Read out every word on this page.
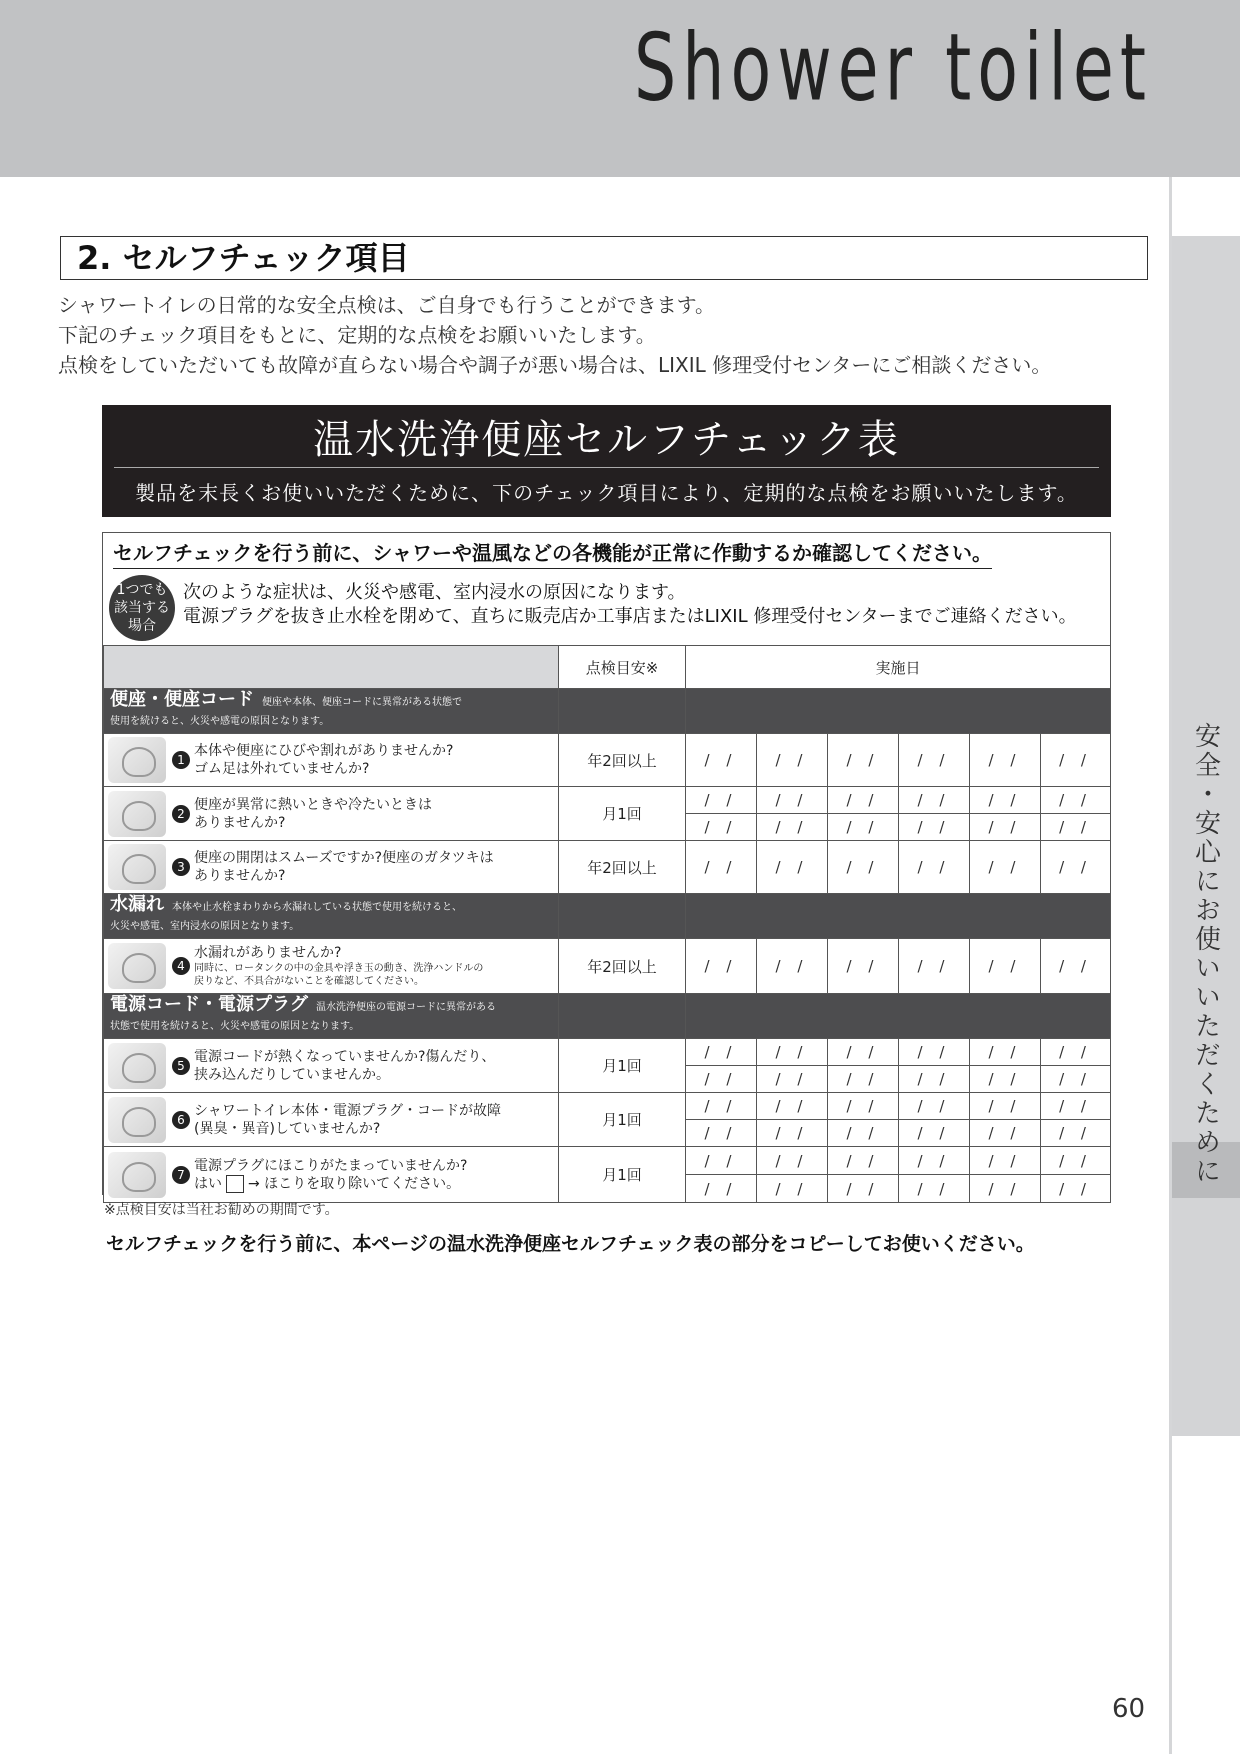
Shower toilet
安全・安心にお使いいただくために
2. セルフチェック項目

シャワートイレの日常的な安全点検は、ご自身でも行うことができます。

下記のチェック項目をもとに、定期的な点検をお願いいたします。

点検をしていただいても故障が直らない場合や調子が悪い場合は、LIXIL 修理受付センターにご相談ください。

温水洗浄便座セルフチェック表
製品を末長くお使いいただくために、下のチェック項目により、定期的な点検をお願いいたします。
セルフチェックを行う前に、シャワーや温風などの各機能が正常に作動するか確認してください。
1つでも
該当する
場合

次のような症状は、火災や感電、室内浸水の原因になります。

電源プラグを抜き止水栓を閉めて、直ちに販売店か工事店またはLIXIL 修理受付センターまでご連絡ください。

	点検目安※	実施日					

便座・便座コード 便座や本体、便座コードに異常がある状態で
使用を続けると、火災や感電の原因となります。							

1
本体や便座にひびや割れがありませんか?
ゴム足は外れていませんか?	年2回以上	/ /	/ /	/ /	/ /	/ /	/ /

2
便座が異常に熱いときや冷たいときは
ありませんか?	月1回	/ /	/ /	/ /	/ /	/ /	/ /
		/ /	/ /	/ /	/ /	/ /	/ /

3
便座の開閉はスムーズですか?便座のガタツキは
ありませんか?	年2回以上	/ /	/ /	/ /	/ /	/ /	/ /

水漏れ 本体や止水栓まわりから水漏れしている状態で使用を続けると、
火災や感電、室内浸水の原因となります。							

4
水漏れがありませんか?
同時に、ロータンクの中の金具や浮き玉の動き、洗浄ハンドルの
戻りなど、不具合がないことを確認してください。	年2回以上	/ /	/ /	/ /	/ /	/ /	/ /

電源コード・電源プラグ 温水洗浄便座の電源コードに異常がある
状態で使用を続けると、火災や感電の原因となります。							

5
電源コードが熱くなっていませんか?傷んだり、
挟み込んだりしていませんか。	月1回	/ /	/ /	/ /	/ /	/ /	/ /
		/ /	/ /	/ /	/ /	/ /	/ /

6
シャワートイレ本体・電源プラグ・コードが故障
(異臭・異音)していませんか?	月1回	/ /	/ /	/ /	/ /	/ /	/ /
		/ /	/ /	/ /	/ /	/ /	/ /

7
電源プラグにほこりがたまっていませんか?
はい → ほこりを取り除いてください。	月1回	/ /	/ /	/ /	/ /	/ /	/ /
		/ /	/ /	/ /	/ /	/ /	/ /
※点検目安は当社お勧めの期間です。
セルフチェックを行う前に、本ページの温水洗浄便座セルフチェック表の部分をコピーしてお使いください。
60
